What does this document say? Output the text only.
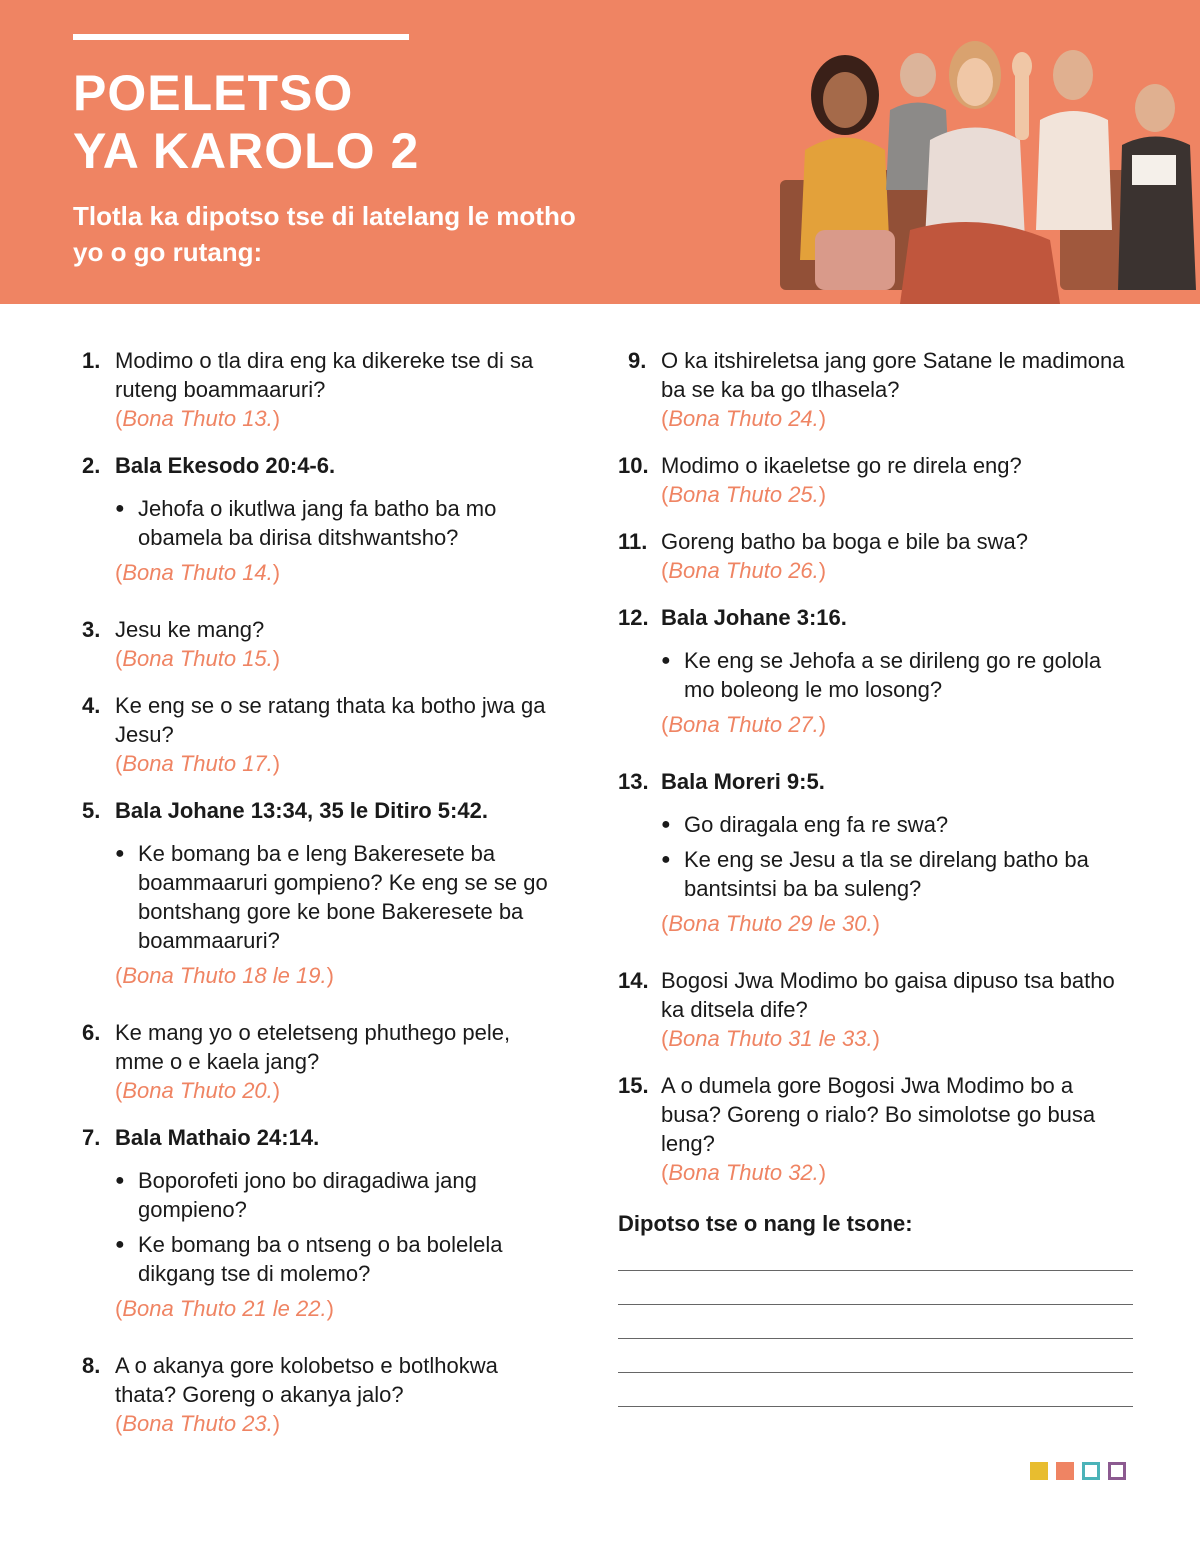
POELETSO
YA KAROLO 2
Tlotla ka dipotso tse di latelang le motho yo o go rutang:
1. Modimo o tla dira eng ka dikereke tse di sa ruteng boammaaruri?
(Bona Thuto 13.)
2. Bala Ekesodo 20:4-6.
● Jehofa o ikutlwa jang fa batho ba mo obamela ba dirisa ditshwantsho?
(Bona Thuto 14.)
3. Jesu ke mang?
(Bona Thuto 15.)
4. Ke eng se o se ratang thata ka botho jwa ga Jesu?
(Bona Thuto 17.)
5. Bala Johane 13:34, 35 le Ditiro 5:42.
● Ke bomang ba e leng Bakeresete ba boammaaruri gompieno? Ke eng se se go bontshang gore ke bone Bakeresete ba boammaaruri?
(Bona Thuto 18 le 19.)
6. Ke mang yo o eteletseng phuthego pele, mme o e kaela jang?
(Bona Thuto 20.)
7. Bala Mathaio 24:14.
● Boporofeti jono bo diragadiwa jang gompieno?
● Ke bomang ba o ntseng o ba bolelela dikgang tse di molemo?
(Bona Thuto 21 le 22.)
8. A o akanya gore kolobetso e botlhokwa thata? Goreng o akanya jalo?
(Bona Thuto 23.)
9. O ka itshireletsa jang gore Satane le madimona ba se ka ba go tlhasela?
(Bona Thuto 24.)
10. Modimo o ikaeletse go re direla eng?
(Bona Thuto 25.)
11. Goreng batho ba boga e bile ba swa?
(Bona Thuto 26.)
12. Bala Johane 3:16.
● Ke eng se Jehofa a se dirileng go re golola mo boleong le mo losong?
(Bona Thuto 27.)
13. Bala Moreri 9:5.
● Go diragala eng fa re swa?
● Ke eng se Jesu a tla se direlang batho ba bantsintsi ba ba suleng?
(Bona Thuto 29 le 30.)
14. Bogosi Jwa Modimo bo gaisa dipuso tsa batho ka ditsela dife?
(Bona Thuto 31 le 33.)
15. A o dumela gore Bogosi Jwa Modimo bo a busa? Goreng o rialo? Bo simolotse go busa leng?
(Bona Thuto 32.)
Dipotso tse o nang le tsone:
